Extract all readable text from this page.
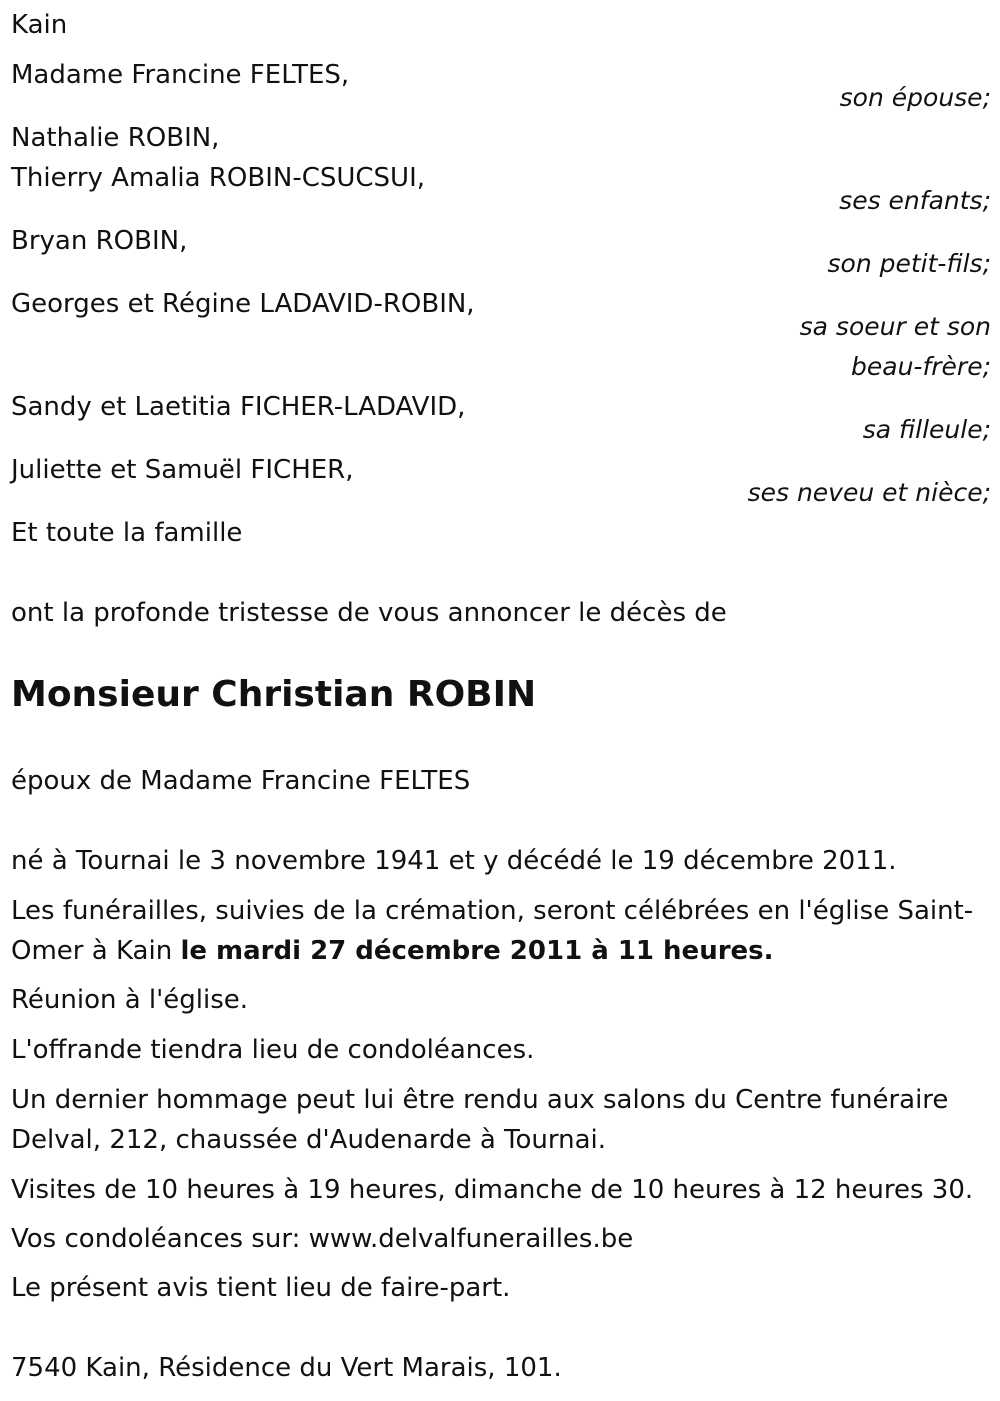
Kain
Madame Francine FELTES,
son épouse;
Nathalie ROBIN,
Thierry Amalia ROBIN-CSUCSUI,
ses enfants;
Bryan ROBIN,
son petit-fils;
Georges et Régine LADAVID-ROBIN,
sa soeur et son
beau-frère;
Sandy et Laetitia FICHER-LADAVID,
sa filleule;
Juliette et Samuël FICHER,
ses neveu et nièce;
Et toute la famille
ont la profonde tristesse de vous annoncer le décès de
Monsieur Christian ROBIN
époux de Madame Francine FELTES
né à Tournai le 3 novembre 1941 et y décédé le 19 décembre 2011.
Les funérailles, suivies de la crémation, seront célébrées en l'église Saint-Omer à Kain le mardi 27 décembre 2011 à 11 heures.
Réunion à l'église.
L'offrande tiendra lieu de condoléances.
Un dernier hommage peut lui être rendu aux salons du Centre funéraire Delval, 212, chaussée d'Audenarde à Tournai.
Visites de 10 heures à 19 heures, dimanche de 10 heures à 12 heures 30.
Vos condoléances sur: www.delvalfunerailles.be
Le présent avis tient lieu de faire-part.
7540 Kain, Résidence du Vert Marais, 101.
